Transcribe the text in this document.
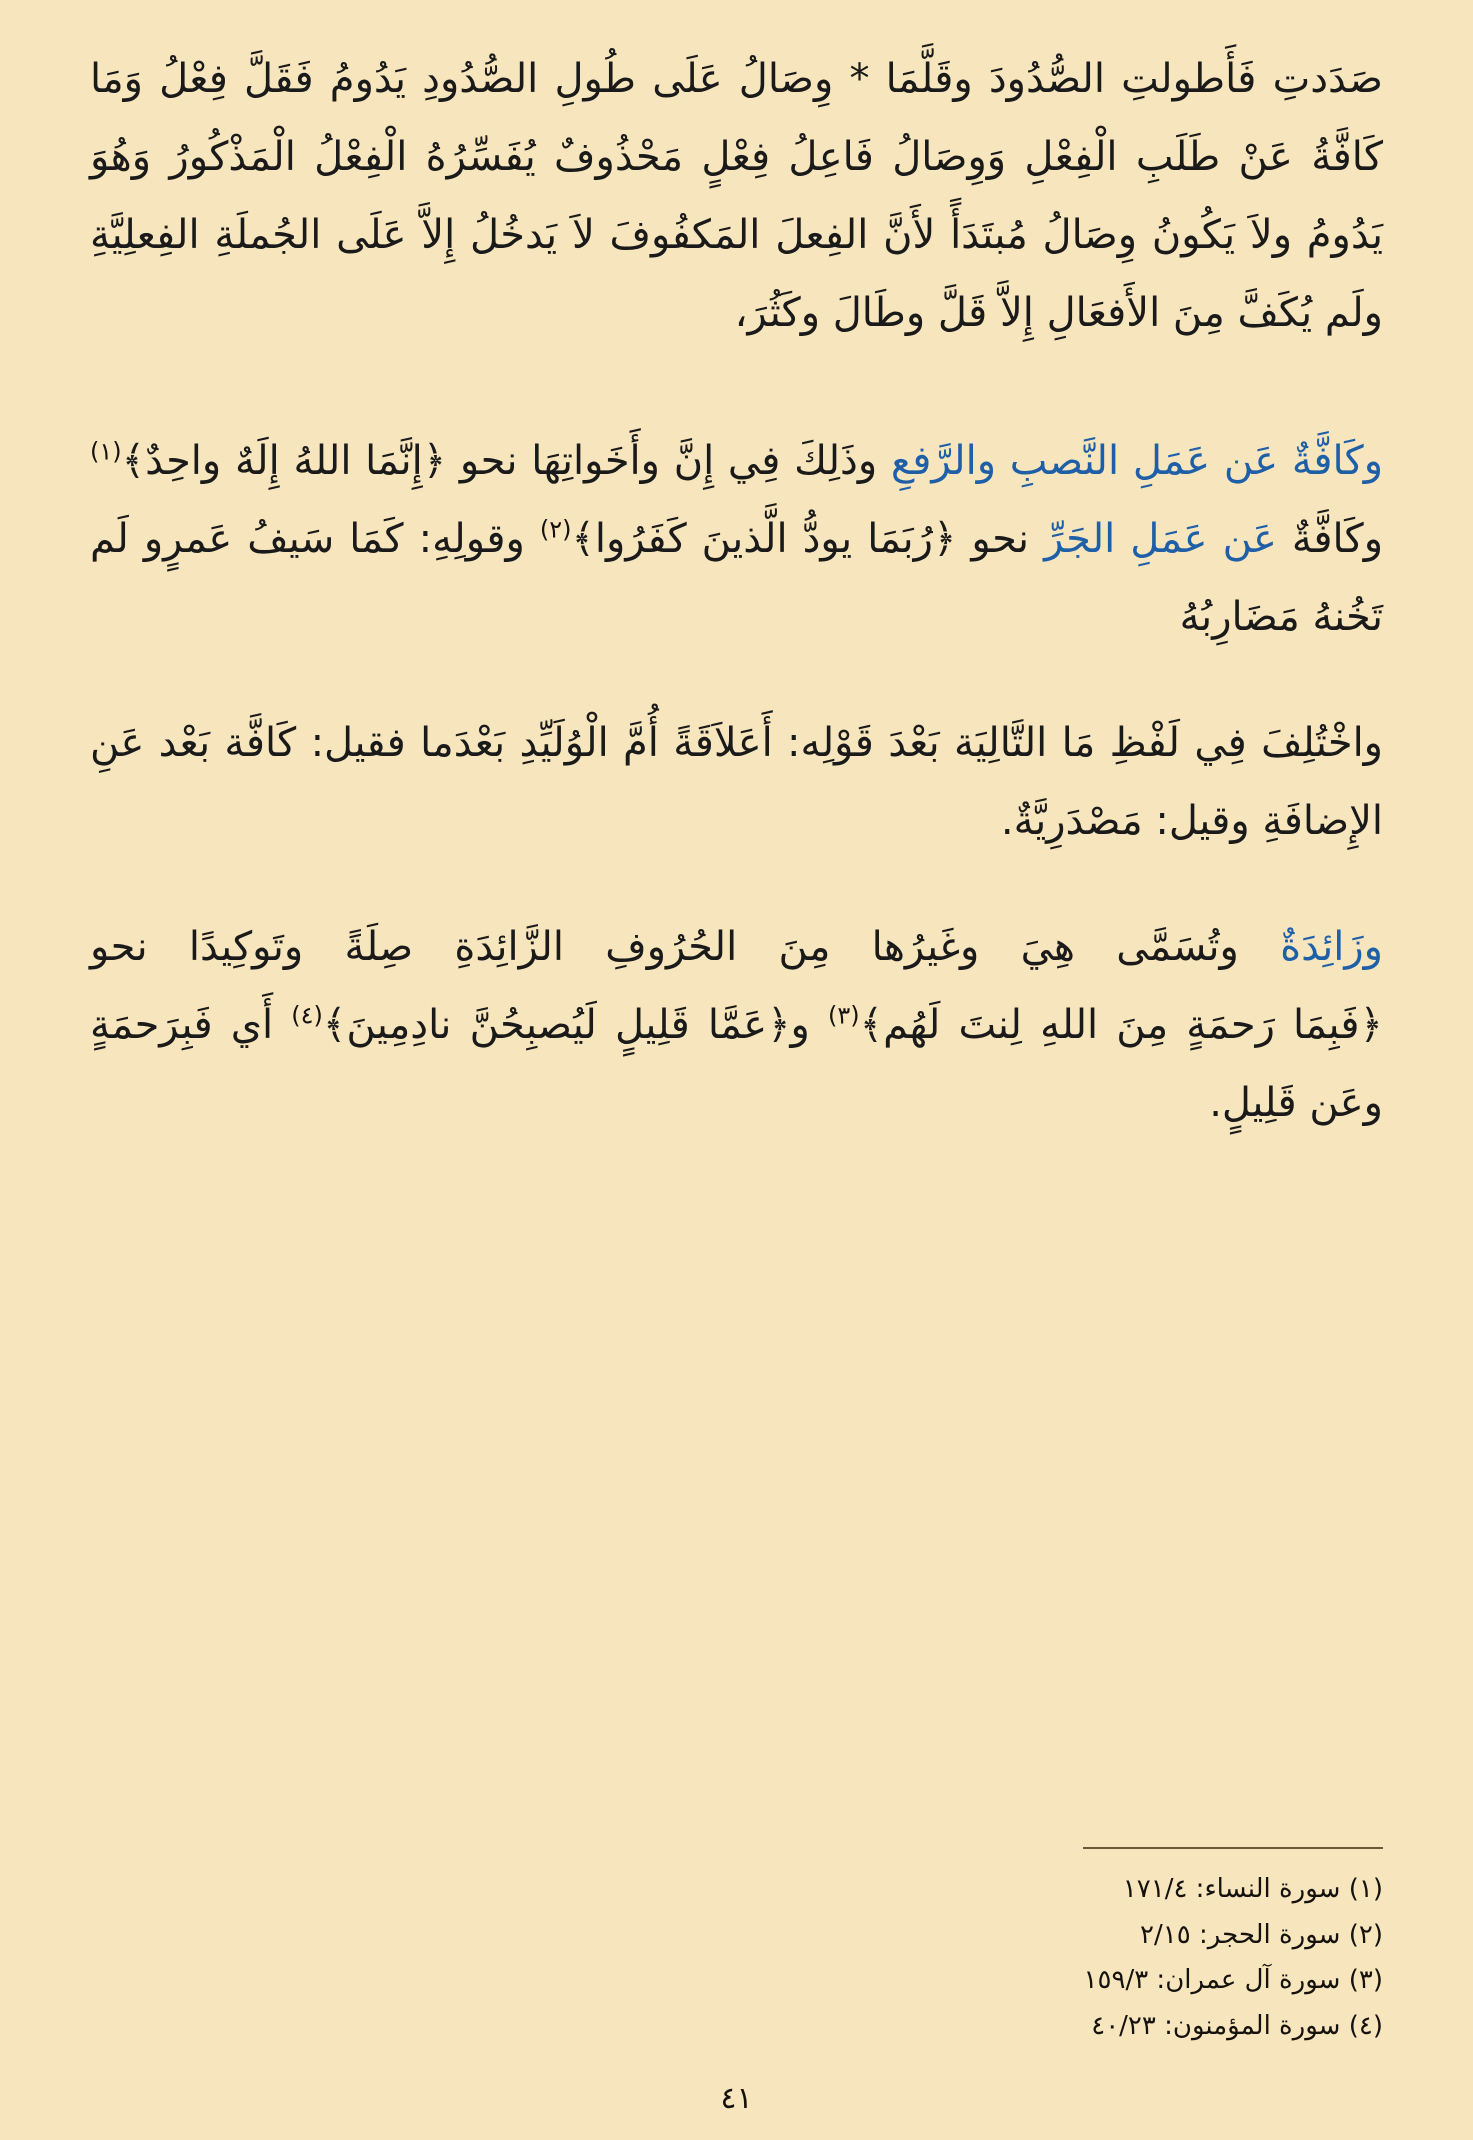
صَدَدتِ فَأَطولتِ الصُّدُودَ وقَلَّمَا * وِصَالُ عَلَى طُولِ الصُّدُودِ يَدُومُ فَقَلَّ فِعْلُ وَمَا كَافَّةُ عَنْ طَلَبِ الْفِعْلِ وَوِصَالُ فَاعِلُ فِعْلٍ مَحْذُوفٌ يُفَسِّرُهُ الْفِعْلُ الْمَذْكُورُ وَهُوَ يَدُومُ ولاَ يَكُونُ وِصَالُ مُبتَدَأً لأَنَّ الفِعلَ المَكفُوفَ لاَ يَدخُلُ إِلاَّ عَلَى الجُملَةِ الفِعلِيَّةِ ولَم يُكَفَّ مِنَ الأَفعَالِ إِلاَّ قَلَّ وطَالَ وكَثُرَ،
وكَافَّةٌ عَن عَمَلِ النَّصبِ والرَّفعِ وذَلِكَ فِي إِنَّ وأَخَواتِهَا نحو ﴿إِنَّمَا اللهُ إِلَهٌ واحِدٌ﴾$^{(١)}$ وكَافَّةٌ عَن عَمَلِ الجَرِّ نحو ﴿رُبَمَا يودُّ الَّذينَ كَفَرُوا﴾$^{(٢)}$ وقولِهِ: كَمَا سَيفُ عَمرٍو لَم تَخُنهُ مَضَارِبُهُ
واخْتُلِفَ فِي لَفْظِ مَا التَّالِيَة بَعْدَ قَوْلِه: أَعَلاَقَةً أُمَّ الْوُلَيِّدِ بَعْدَما فقيل: كَافَّة بَعْد عَنِ الإِضافَةِ وقيل: مَصْدَرِيَّةٌ.
وزَائِدَةٌ وتُسَمَّى هِيَ وغَيرُها مِنَ الحُرُوفِ الزَّائِدَةِ صِلَةً وتَوكِيدًا نحو ﴿فَبِمَا رَحمَةٍ مِنَ اللهِ لِنتَ لَهُم﴾$^{(٣)}$ و﴿عَمَّا قَلِيلٍ لَيُصبِحُنَّ نادِمِينَ﴾$^{(٤)}$ أَي فَبِرَحمَةٍ وعَن قَلِيلٍ.
(١) سورة النساء: ١٧١/٤
(٢) سورة الحجر: ٢/١٥
(٣) سورة آل عمران: ١٥٩/٣
(٤) سورة المؤمنون: ٤٠/٢٣
٤١
